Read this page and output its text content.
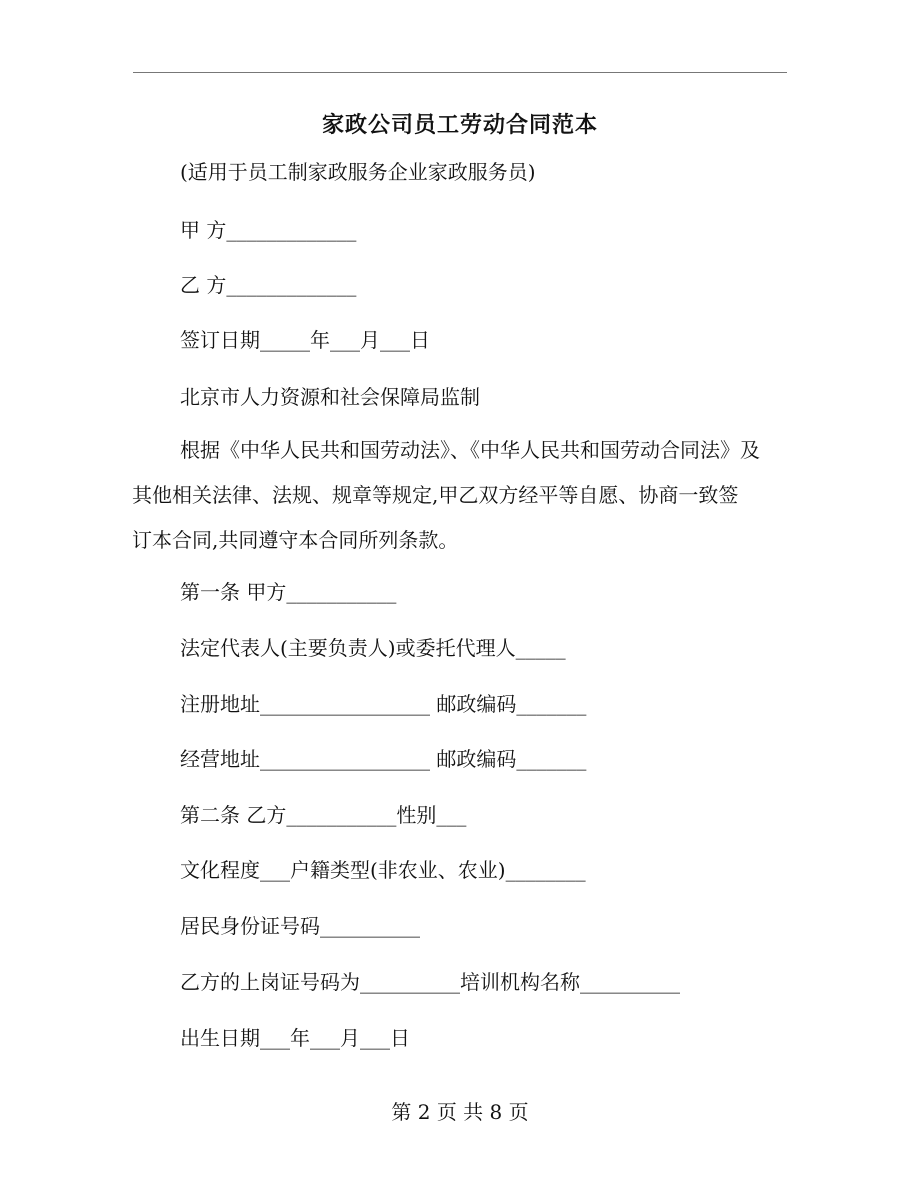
家政公司员工劳动合同范本
(适用于员工制家政服务企业家政服务员)
甲 方_____________
乙 方_____________
签订日期_____年___月___日
北京市人力资源和社会保障局监制
根据《中华人民共和国劳动法》、《中华人民共和国劳动合同法》及
其他相关法律、法规、规章等规定,甲乙双方经平等自愿、协商一致签
订本合同,共同遵守本合同所列条款。
第一条 甲方___________
法定代表人(主要负责人)或委托代理人_____
注册地址_________________ 邮政编码_______
经营地址_________________ 邮政编码_______
第二条 乙方___________性别___
文化程度___户籍类型(非农业、农业)________
居民身份证号码__________
乙方的上岗证号码为__________培训机构名称__________
出生日期___年___月___日
第 2 页 共 8 页
